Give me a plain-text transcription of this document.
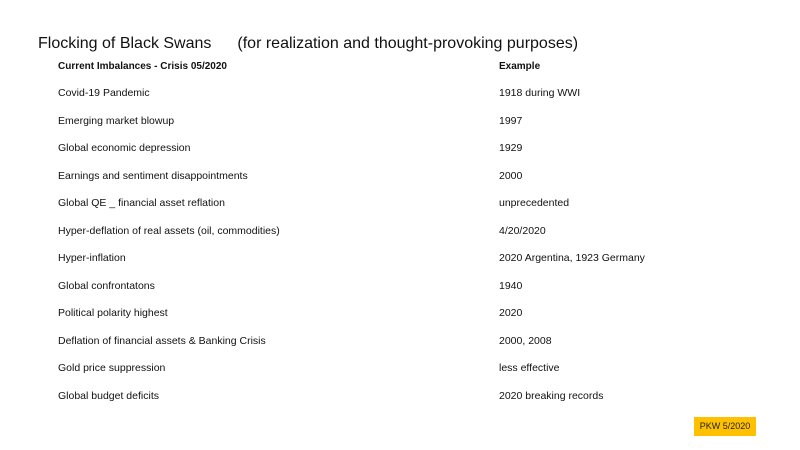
Flocking of Black Swans (for realization and thought-provoking purposes)
Current Imbalances - Crisis 05/2020	Example
Covid-19 Pandemic	1918 during WWI
Emerging market blowup	1997
Global economic depression	1929
Earnings and sentiment disappointments	2000
Global QE _ financial asset reflation	unprecedented
Hyper-deflation of real assets (oil, commodities)	4/20/2020
Hyper-inflation	2020 Argentina, 1923 Germany
Global confrontatons	1940
Political polarity highest	2020
Deflation of financial assets & Banking Crisis	2000, 2008
Gold price suppression	less effective
Global budget deficits	2020 breaking records
PKW 5/2020
